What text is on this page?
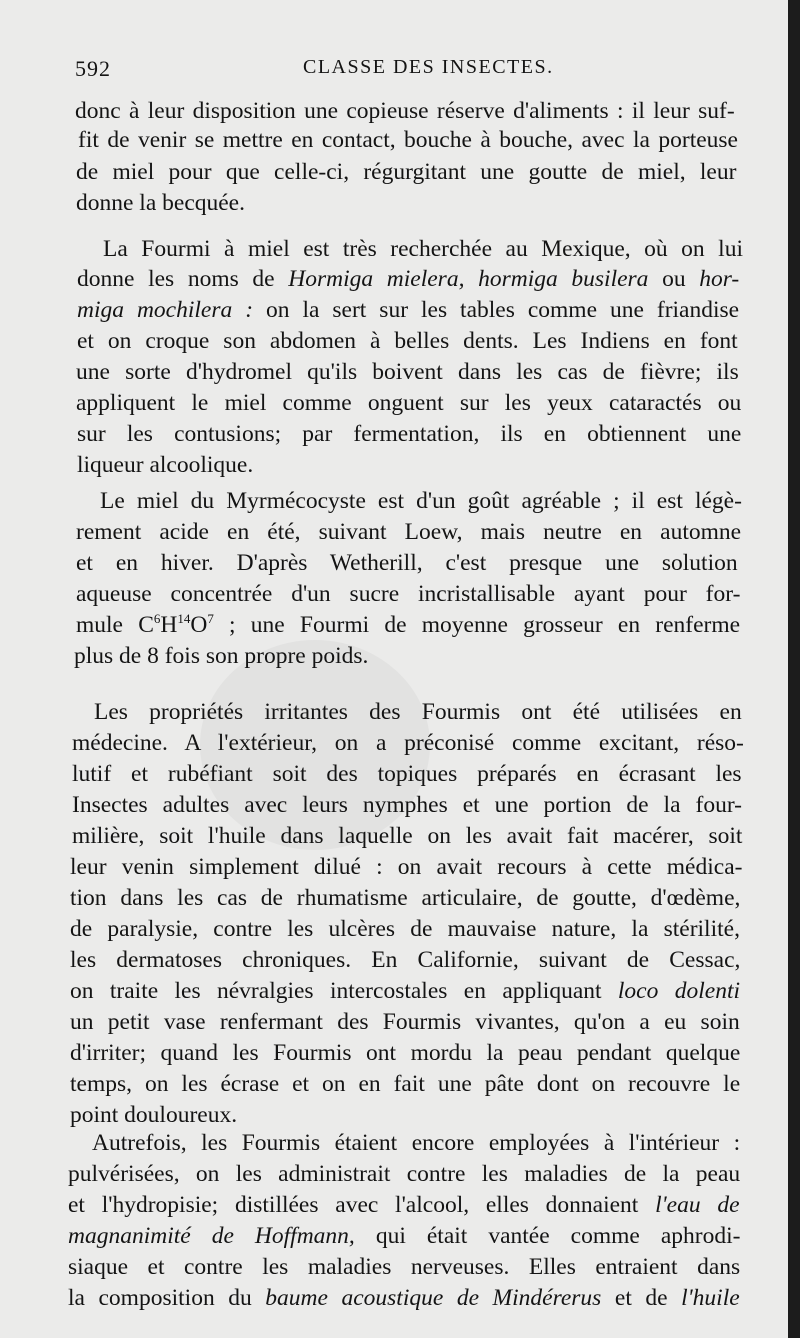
592	CLASSE DES INSECTES.
donc à leur disposition une copieuse réserve d'aliments : il leur suf-
fit de venir se mettre en contact, bouche à bouche, avec la porteuse
de miel pour que celle-ci, régurgitant une goutte de miel, leur
donne la becquée.
La Fourmi à miel est très recherchée au Mexique, où on lui
donne les noms de Hormiga mielera, hormiga busilera ou hor-
miga mochilera : on la sert sur les tables comme une friandise
et on croque son abdomen à belles dents. Les Indiens en font
une sorte d'hydromel qu'ils boivent dans les cas de fièvre; ils
appliquent le miel comme onguent sur les yeux cataractés ou
sur les contusions; par fermentation, ils en obtiennent une
liqueur alcoolique.
Le miel du Myrmécocyste est d'un goût agréable ; il est légè-
rement acide en été, suivant Loew, mais neutre en automne
et en hiver. D'après Wetherill, c'est presque une solution
aqueuse concentrée d'un sucre incristallisable ayant pour for-
mule $C^6H^{14}O^7$ ; une Fourmi de moyenne grosseur en renferme
plus de 8 fois son propre poids.
Les propriétés irritantes des Fourmis ont été utilisées en
médecine. A l'extérieur, on a préconisé comme excitant, réso-
lutif et rubéfiant soit des topiques préparés en écrasant les
Insectes adultes avec leurs nymphes et une portion de la four-
milière, soit l'huile dans laquelle on les avait fait macérer, soit
leur venin simplement dilué : on avait recours à cette médica-
tion dans les cas de rhumatisme articulaire, de goutte, d'œdème,
de paralysie, contre les ulcères de mauvaise nature, la stérilité,
les dermatoses chroniques. En Californie, suivant de Cessac,
on traite les névralgies intercostales en appliquant loco dolenti
un petit vase renfermant des Fourmis vivantes, qu'on a eu soin
d'irriter; quand les Fourmis ont mordu la peau pendant quelque
temps, on les écrase et on en fait une pâte dont on recouvre le
point douloureux.
Autrefois, les Fourmis étaient encore employées à l'intérieur :
pulvérisées, on les administrait contre les maladies de la peau
et l'hydropisie; distillées avec l'alcool, elles donnaient l'eau de
magnanimité de Hoffmann, qui était vantée comme aphrodi-
siaque et contre les maladies nerveuses. Elles entraient dans
la composition du baume acoustique de Mindérerus et de l'huile
